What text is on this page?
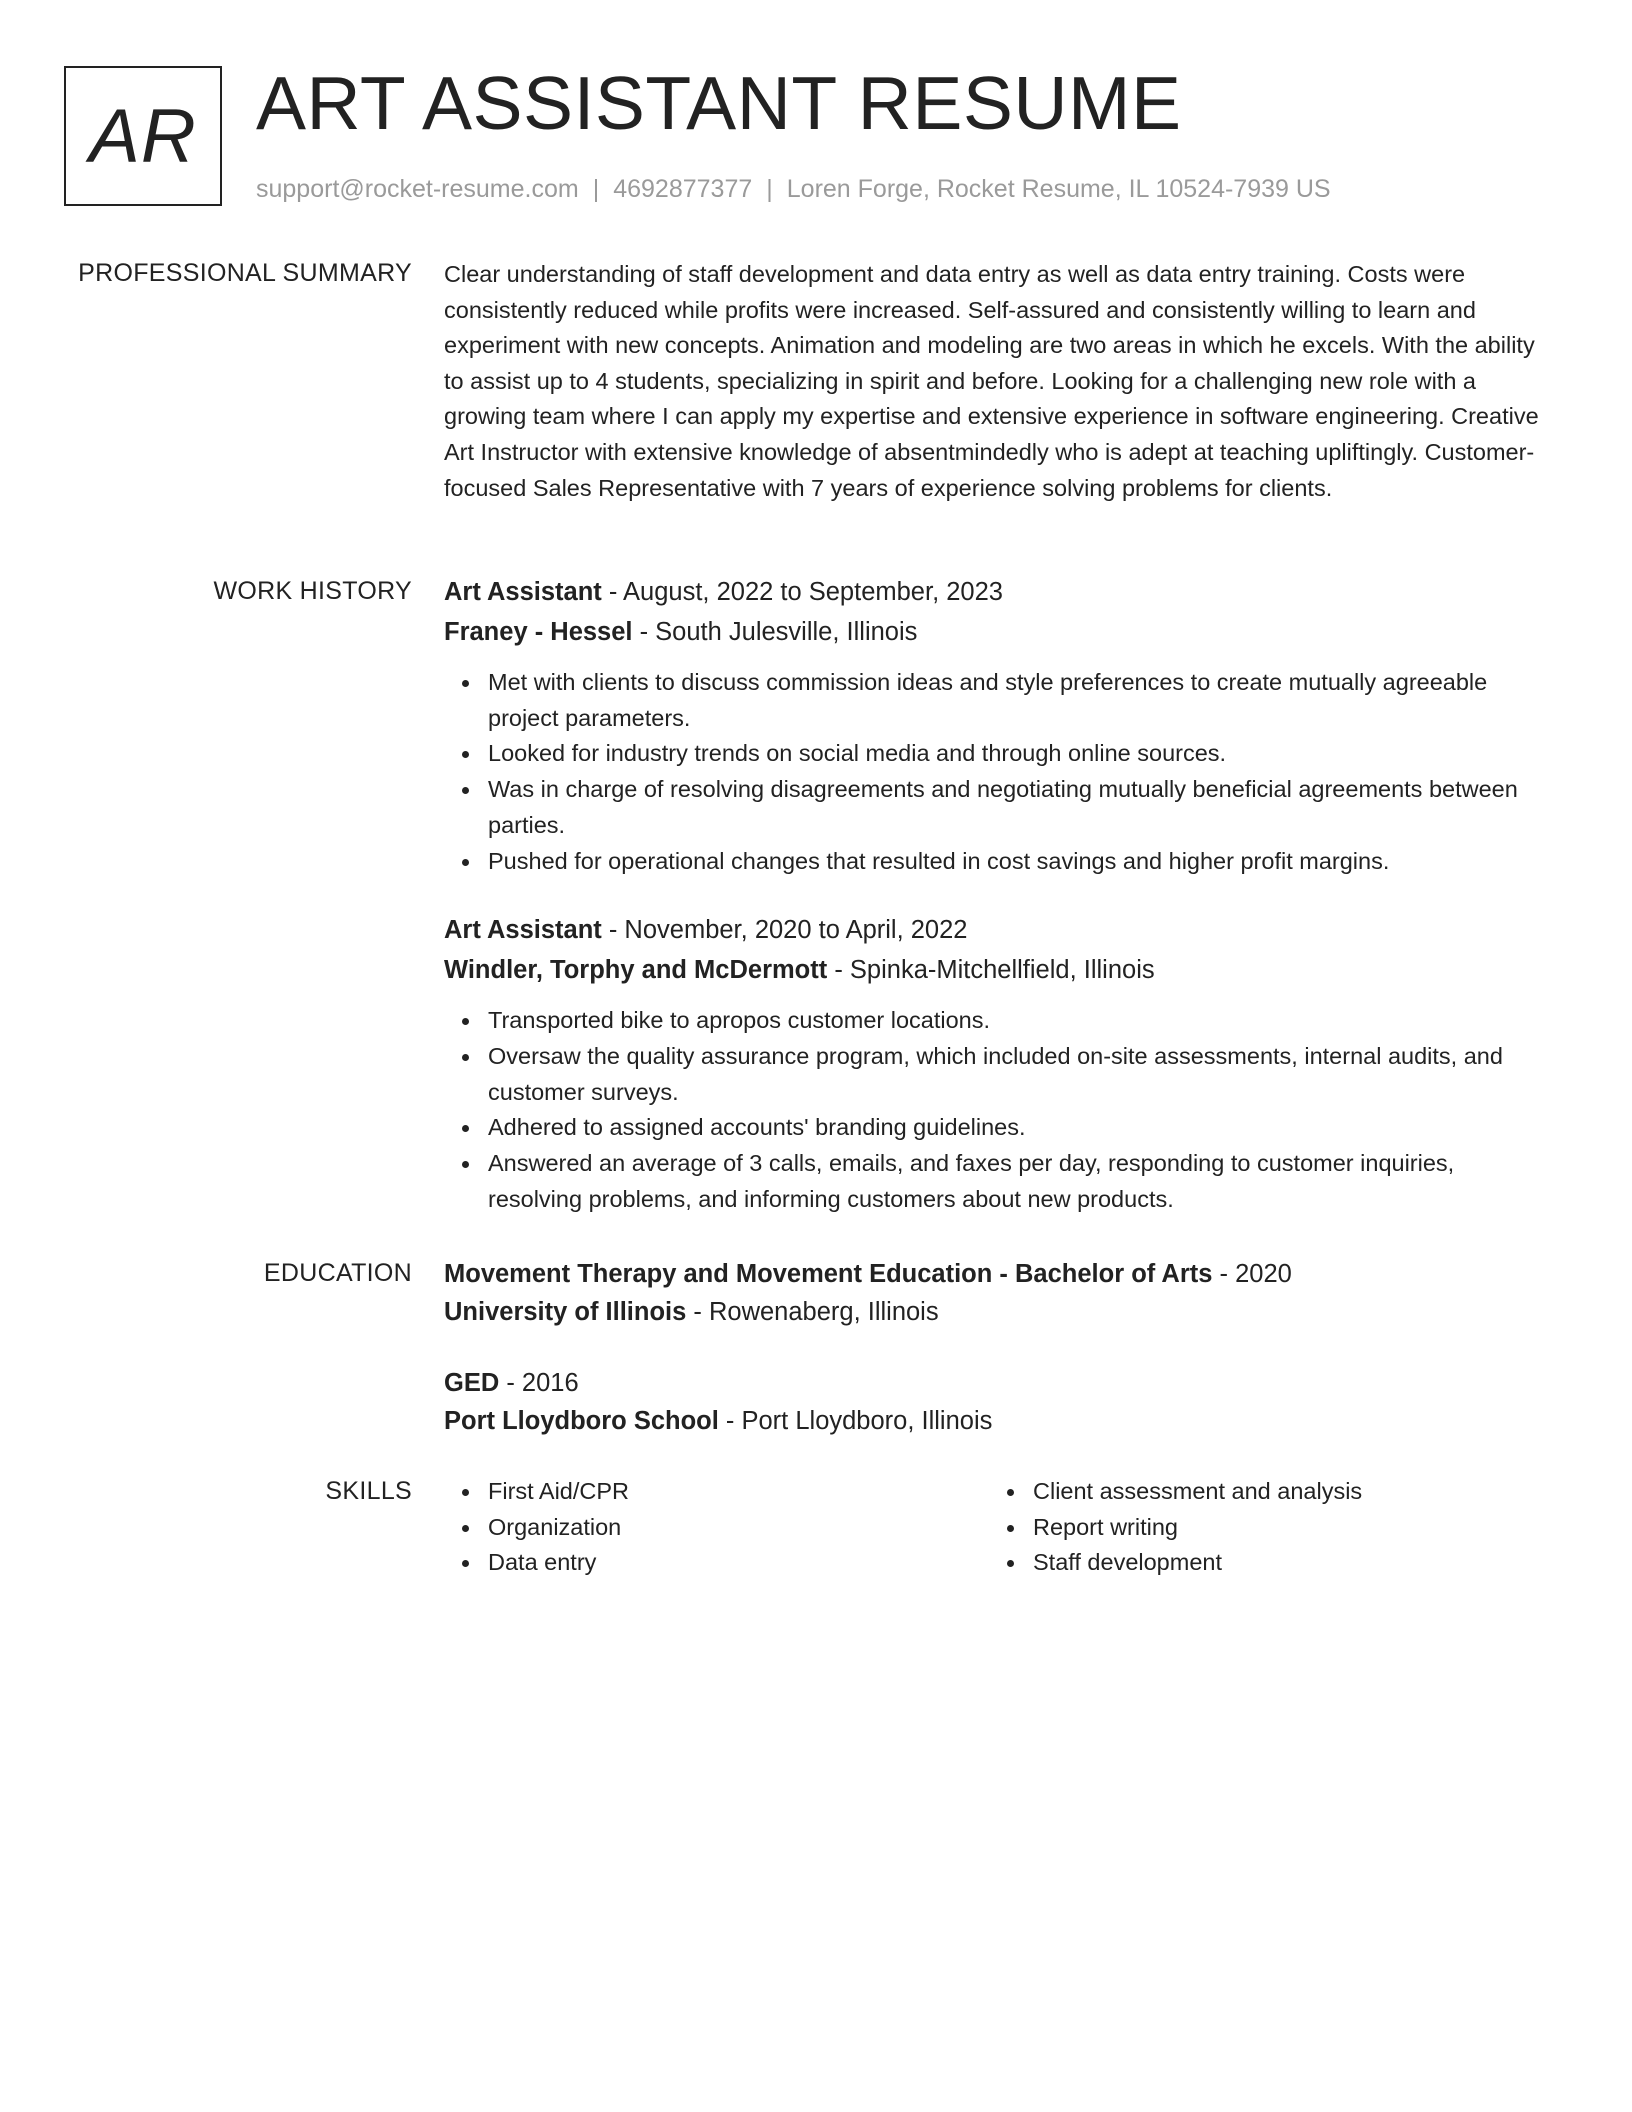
AR ART ASSISTANT RESUME
support@rocket-resume.com | 4692877377 | Loren Forge, Rocket Resume, IL 10524-7939 US
PROFESSIONAL SUMMARY Clear understanding of staff development and data entry as well as data entry training. Costs were consistently reduced while profits were increased. Self-assured and consistently willing to learn and experiment with new concepts. Animation and modeling are two areas in which he excels. With the ability to assist up to 4 students, specializing in spirit and before. Looking for a challenging new role with a growing team where I can apply my expertise and extensive experience in software engineering. Creative Art Instructor with extensive knowledge of absentmindedly who is adept at teaching upliftingly. Customer-focused Sales Representative with 7 years of experience solving problems for clients.

WORK HISTORY Art Assistant - August, 2022 to September, 2023
Franey - Hessel - South Julesville, Illinois
Met with clients to discuss commission ideas and style preferences to create mutually agreeable project parameters.
Looked for industry trends on social media and through online sources.
Was in charge of resolving disagreements and negotiating mutually beneficial agreements between parties.
Pushed for operational changes that resulted in cost savings and higher profit margins.
Art Assistant - November, 2020 to April, 2022
Windler, Torphy and McDermott - Spinka-Mitchellfield, Illinois
Transported bike to apropos customer locations.
Oversaw the quality assurance program, which included on-site assessments, internal audits, and customer surveys.
Adhered to assigned accounts' branding guidelines.
Answered an average of 3 calls, emails, and faxes per day, responding to customer inquiries, resolving problems, and informing customers about new products.
EDUCATION Movement Therapy and Movement Education - Bachelor of Arts - 2020
University of Illinois - Rowenaberg, Illinois
GED - 2016
Port Lloydboro School - Port Lloydboro, Illinois
SKILLS	First Aid/CPR
Organization
Data entry
Client assessment and analysis
Report writing
Staff development
